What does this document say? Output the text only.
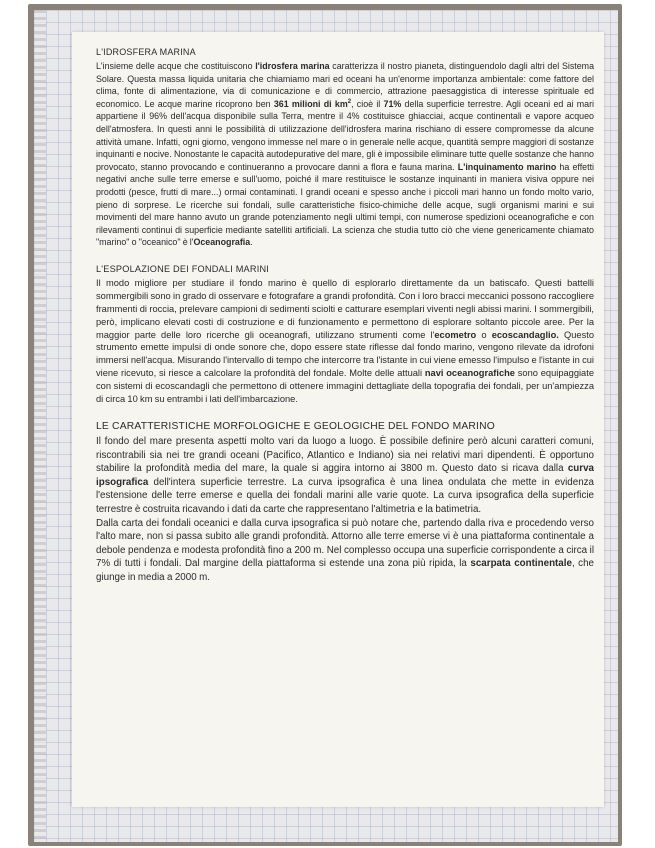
L'IDROSFERA MARINA

L'insieme delle acque che costituiscono l'idrosfera marina caratterizza il nostro pianeta, distinguendolo dagli altri del Sistema Solare. Questa massa liquida unitaria che chiamiamo mari ed oceani ha un'enorme importanza ambientale: come fattore del clima, fonte di alimentazione, via di comunicazione e di commercio, attrazione paesaggistica di interesse spirituale ed economico. Le acque marine ricoprono ben 361 milioni di $km^2$, cioè il 71% della superficie terrestre. Agli oceani ed ai mari appartiene il 96% dell'acqua disponibile sulla Terra, mentre il 4% costituisce ghiacciai, acque continentali e vapore acqueo dell'atmosfera. In questi anni le possibilità di utilizzazione dell'idrosfera marina rischiano di essere compromesse da alcune attività umane. Infatti, ogni giorno, vengono immesse nel mare o in generale nelle acque, quantità sempre maggiori di sostanze inquinanti e nocive. Nonostante le capacità autodepurative del mare, gli è impossibile eliminare tutte quelle sostanze che hanno provocato, stanno provocando e continueranno a provocare danni a flora e fauna marina. L'inquinamento marino ha effetti negativi anche sulle terre emerse e sull'uomo, poiché il mare restituisce le sostanze inquinanti in maniera visiva oppure nei prodotti (pesce, frutti di mare...) ormai contaminati. I grandi oceani e spesso anche i piccoli mari hanno un fondo molto vario, pieno di sorprese. Le ricerche sui fondali, sulle caratteristiche fisico-chimiche delle acque, sugli organismi marini e sui movimenti del mare hanno avuto un grande potenziamento negli ultimi tempi, con numerose spedizioni oceanografiche e con rilevamenti continui di superficie mediante satelliti artificiali. La scienza che studia tutto ciò che viene genericamente chiamato "marino" o "oceanico" è l'Oceanografia.

L'ESPOLAZIONE DEI FONDALI MARINI

Il modo migliore per studiare il fondo marino è quello di esplorarlo direttamente da un batiscafo. Questi battelli sommergibili sono in grado di osservare e fotografare a grandi profondità. Con i loro bracci meccanici possono raccogliere frammenti di roccia, prelevare campioni di sedimenti sciolti e catturare esemplari viventi negli abissi marini. I sommergibili, però, implicano elevati costi di costruzione e di funzionamento e permettono di esplorare soltanto piccole aree. Per la maggior parte delle loro ricerche gli oceanografi, utilizzano strumenti come l'ecometro o ecoscandaglio. Questo strumento emette impulsi di onde sonore che, dopo essere state riflesse dal fondo marino, vengono rilevate da idrofoni immersi nell'acqua. Misurando l'intervallo di tempo che intercorre tra l'istante in cui viene emesso l'impulso e l'istante in cui viene ricevuto, si riesce a calcolare la profondità del fondale. Molte delle attuali navi oceanografiche sono equipaggiate con sistemi di ecoscandagli che permettono di ottenere immagini dettagliate della topografia dei fondali, per un'ampiezza di circa 10 km su entrambi i lati dell'imbarcazione.

LE CARATTERISTICHE MORFOLOGICHE E GEOLOGICHE DEL FONDO MARINO

Il fondo del mare presenta aspetti molto vari da luogo a luogo. È possibile definire però alcuni caratteri comuni, riscontrabili sia nei tre grandi oceani (Pacifico, Atlantico e Indiano) sia nei relativi mari dipendenti. È opportuno stabilire la profondità media del mare, la quale si aggira intorno ai 3800 m. Questo dato si ricava dalla curva ipsografica dell'intera superficie terrestre. La curva ipsografica è una linea ondulata che mette in evidenza l'estensione delle terre emerse e quella dei fondali marini alle varie quote. La curva ipsografica della superficie terrestre è costruita ricavando i dati da carte che rappresentano l'altimetria e la batimetria.

Dalla carta dei fondali oceanici e dalla curva ipsografica si può notare che, partendo dalla riva e procedendo verso l'alto mare, non si passa subito alle grandi profondità. Attorno alle terre emerse vi è una piattaforma continentale a debole pendenza e modesta profondità fino a 200 m. Nel complesso occupa una superficie corrispondente a circa il 7% di tutti i fondali. Dal margine della piattaforma si estende una zona più ripida, la scarpata continentale, che giunge in media a 2000 m.
